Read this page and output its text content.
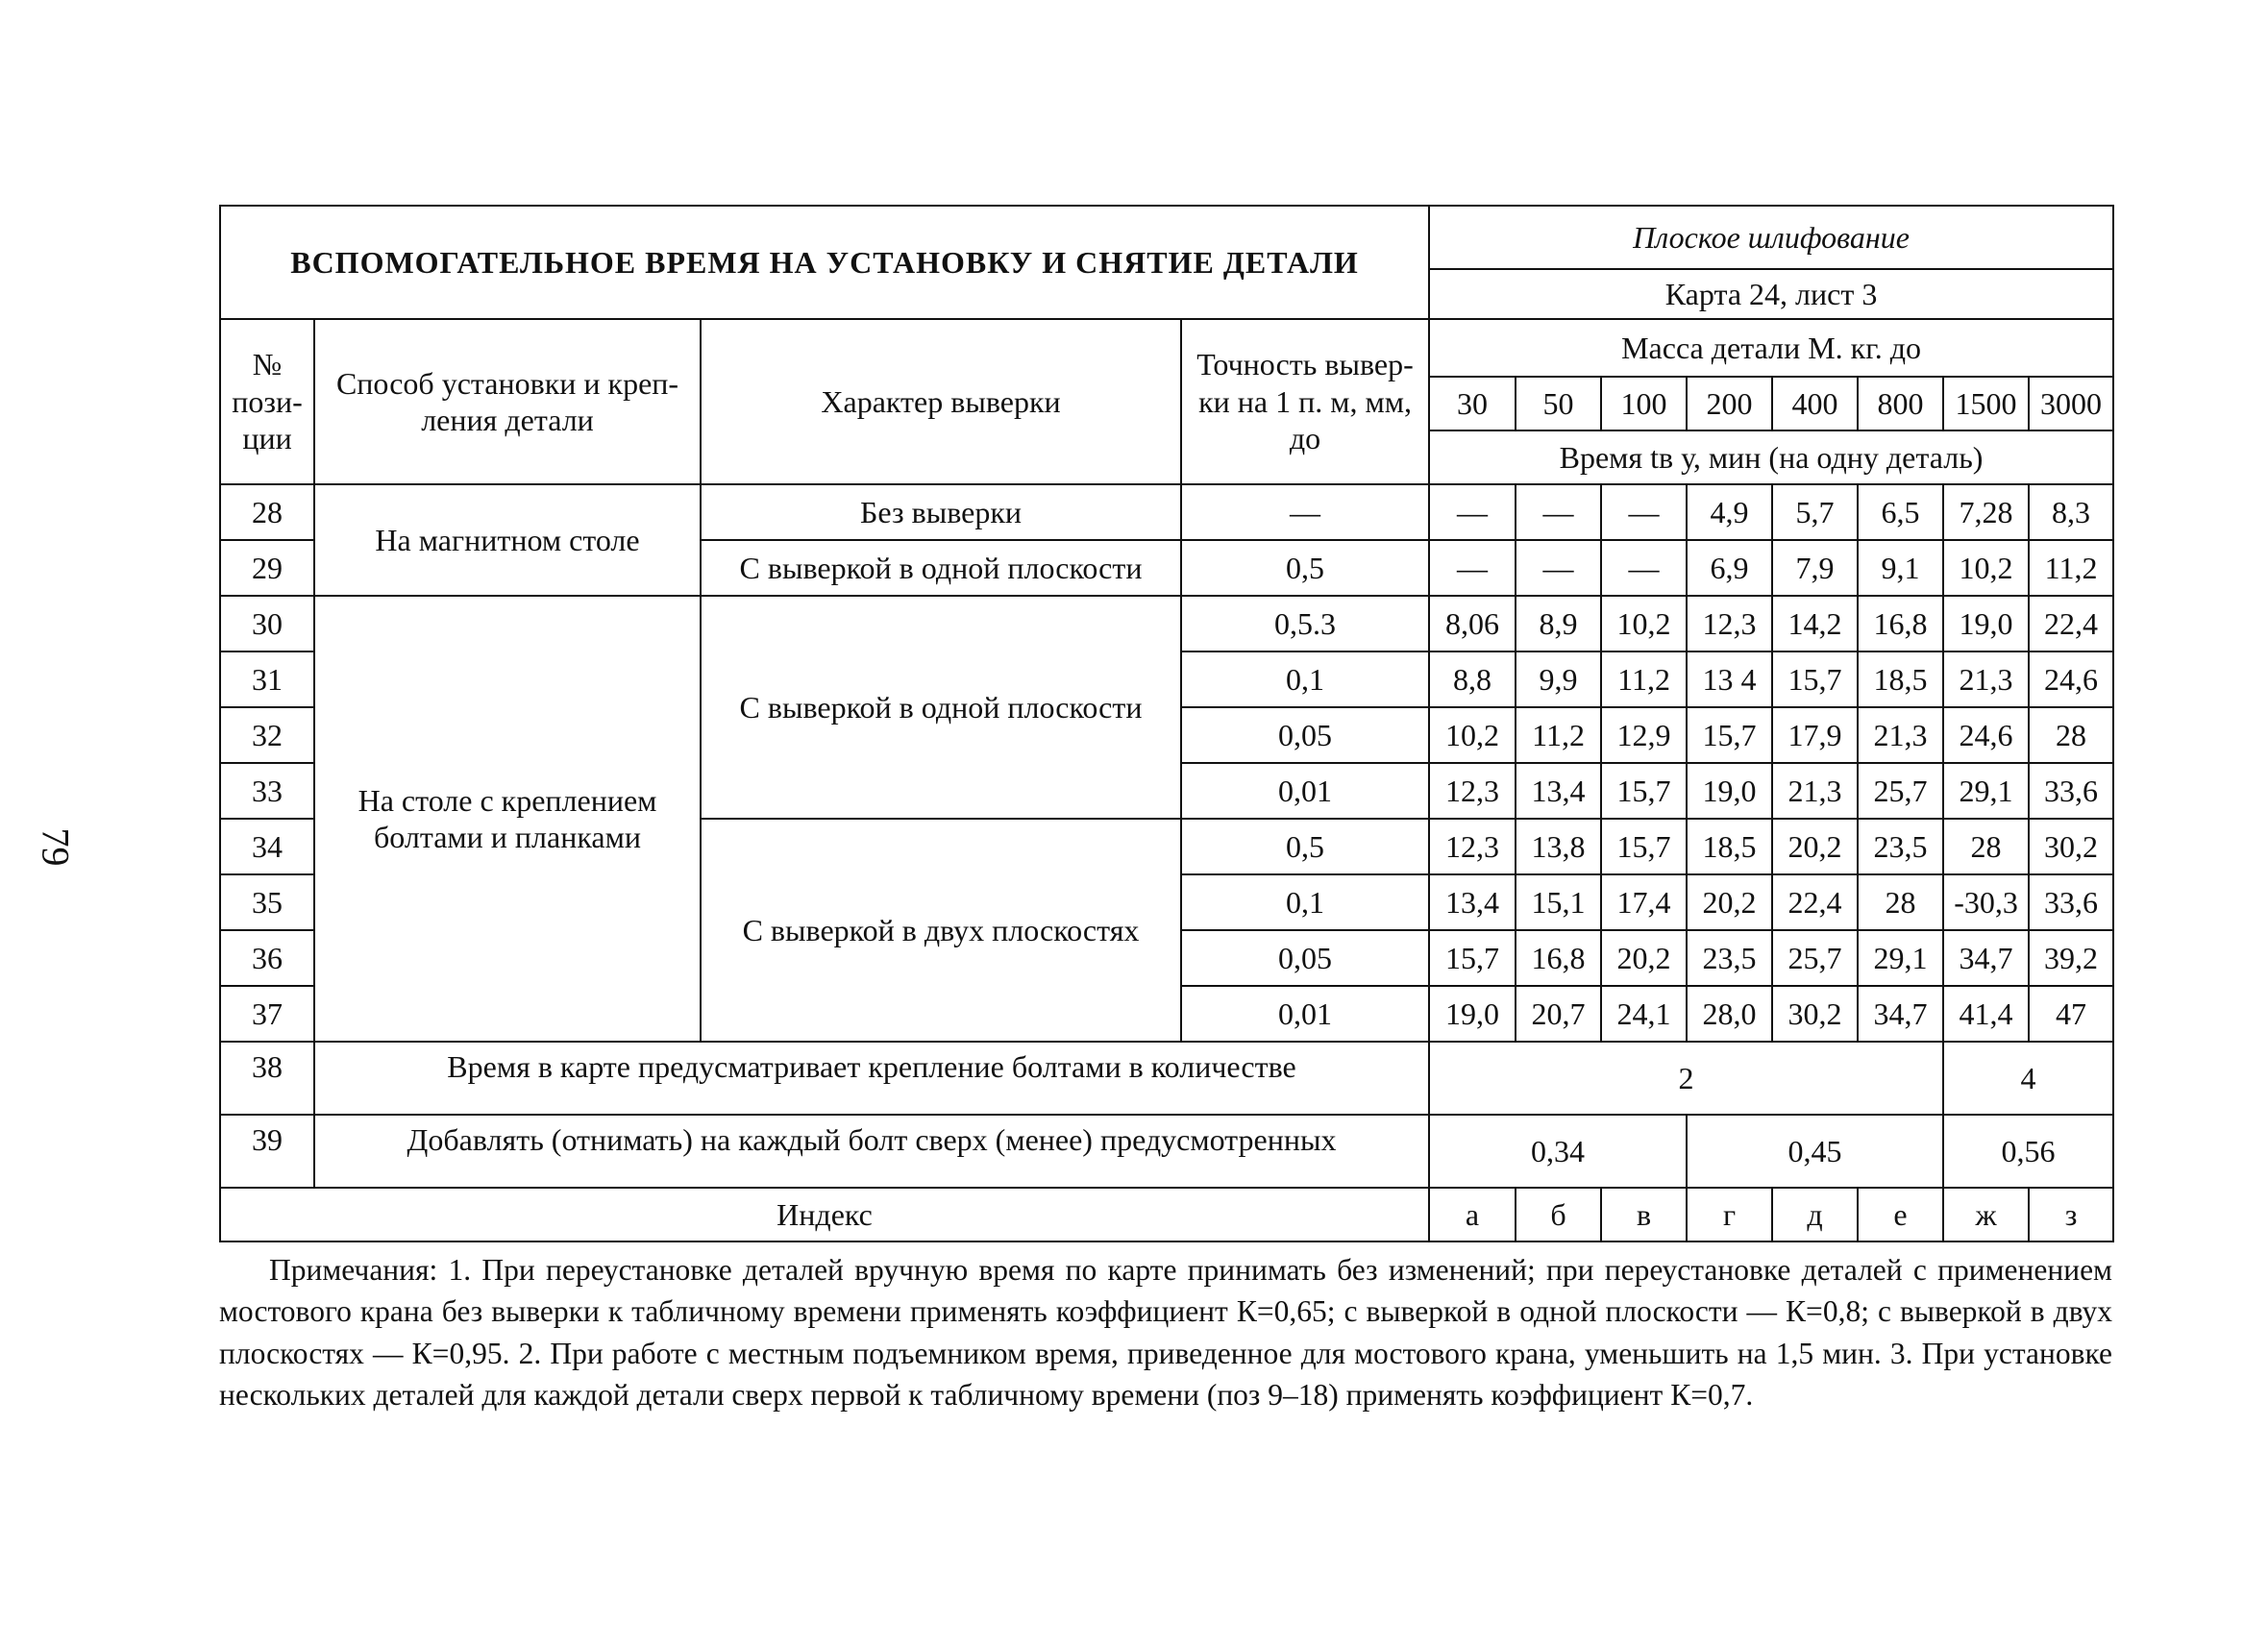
79
ВСПОМОГАТЕЛЬНОЕ ВРЕМЯ НА УСТАНОВКУ И СНЯТИЕ ДЕТАЛИ				Плоское шлифование							
				Карта 24, лист 3							
№ пози-ции	Способ установки и креп-ления детали	Характер выверки	Точность вывер-ки на 1 п. м, мм, до	Масса детали М. кг. до							
				30	50	100	200	400	800	1500	3000
				Время tв у, мин (на одну деталь)							
28	На магнитном столе	Без выверки	—	—	—	—	4,9	5,7	6,5	7,28	8,3
29		С выверкой в одной плоскости	0,5	—	—	—	6,9	7,9	9,1	10,2	11,2
30	На столе с креплением болтами и планками	С выверкой в одной плоскости	0,5.3	8,06	8,9	10,2	12,3	14,2	16,8	19,0	22,4
31			0,1	8,8	9,9	11,2	13 4	15,7	18,5	21,3	24,6
32			0,05	10,2	11,2	12,9	15,7	17,9	21,3	24,6	28
33			0,01	12,3	13,4	15,7	19,0	21,3	25,7	29,1	33,6
34		С выверкой в двух плоскостях	0,5	12,3	13,8	15,7	18,5	20,2	23,5	28	30,2
35			0,1	13,4	15,1	17,4	20,2	22,4	28	-30,3	33,6
36			0,05	15,7	16,8	20,2	23,5	25,7	29,1	34,7	39,2
37			0,01	19,0	20,7	24,1	28,0	30,2	34,7	41,4	47
38	Время в карте предусматривает крепление болтами в количестве			2						4	
39	Добавлять (отнимать) на каждый болт сверх (менее) предусмотренных			0,34			0,45			0,56	
Индекс				а	б	в	г	д	е	ж	з

Примечания: 1. При переустановке деталей вручную время по карте принимать без изменений; при переустановке деталей с применением мостового крана без выверки к табличному времени применять коэффициент К=0,65; с выверкой в одной плоскости — К=0,8; с выверкой в двух плоскостях — К=0,95. 2. При работе с местным подъемником время, приведенное для мостового крана, уменьшить на 1,5 мин. 3. При установке нескольких деталей для каждой детали сверх первой к табличному времени (поз 9–18) применять коэффициент К=0,7.
